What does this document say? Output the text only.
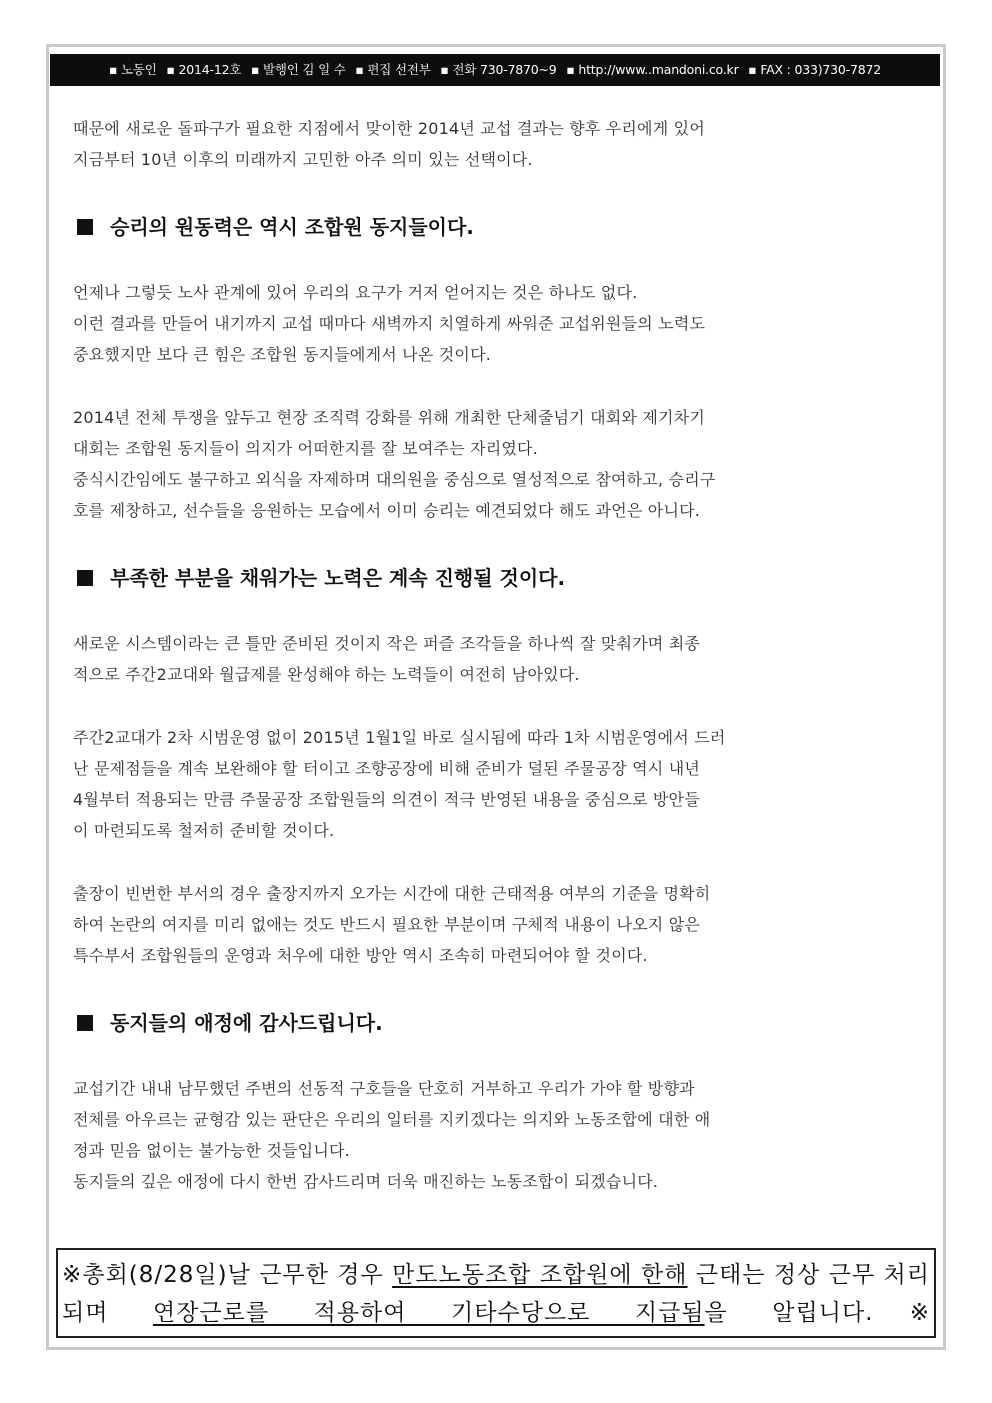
▪ 노동인 ▪ 2014-12호 ▪ 발행인 김 일 수 ▪ 편집 선전부 ▪ 전화 730-7870~9 ▪ http://www..mandoni.co.kr ▪ FAX : 033)730-7872

때문에 새로운 돌파구가 필요한 지점에서 맞이한 2014년 교섭 결과는 향후 우리에게 있어
지금부터 10년 이후의 미래까지 고민한 아주 의미 있는 선택이다.

승리의 원동력은 역시 조합원 동지들이다.

언제나 그렇듯 노사 관계에 있어 우리의 요구가 거저 얻어지는 것은 하나도 없다.
이런 결과를 만들어 내기까지 교섭 때마다 새벽까지 치열하게 싸워준 교섭위원들의 노력도
중요했지만 보다 큰 힘은 조합원 동지들에게서 나온 것이다.

2014년 전체 투쟁을 앞두고 현장 조직력 강화를 위해 개최한 단체줄넘기 대회와 제기차기
대회는 조합원 동지들이 의지가 어떠한지를 잘 보여주는 자리였다.
중식시간임에도 불구하고 외식을 자제하며 대의원을 중심으로 열성적으로 참여하고, 승리구
호를 제창하고, 선수들을 응원하는 모습에서 이미 승리는 예견되었다 해도 과언은 아니다.

부족한 부분을 채워가는 노력은 계속 진행될 것이다.

새로운 시스템이라는 큰 틀만 준비된 것이지 작은 퍼즐 조각들을 하나씩 잘 맞춰가며 최종
적으로 주간2교대와 월급제를 완성해야 하는 노력들이 여전히 남아있다.

주간2교대가 2차 시범운영 없이 2015년 1월1일 바로 실시됨에 따라 1차 시범운영에서 드러
난 문제점들을 계속 보완해야 할 터이고 조향공장에 비해 준비가 덜된 주물공장 역시 내년
4월부터 적용되는 만큼 주물공장 조합원들의 의견이 적극 반영된 내용을 중심으로 방안들
이 마련되도록 철저히 준비할 것이다.

출장이 빈번한 부서의 경우 출장지까지 오가는 시간에 대한 근태적용 여부의 기준을 명확히
하여 논란의 여지를 미리 없애는 것도 반드시 필요한 부분이며 구체적 내용이 나오지 않은
특수부서 조합원들의 운영과 처우에 대한 방안 역시 조속히 마련되어야 할 것이다.

동지들의 애정에 감사드립니다.

교섭기간 내내 남무했던 주변의 선동적 구호들을 단호히 거부하고 우리가 가야 할 방향과
전체를 아우르는 균형감 있는 판단은 우리의 일터를 지키겠다는 의지와 노동조합에 대한 애
정과 믿음 없이는 불가능한 것들입니다.
동지들의 깊은 애정에 다시 한번 감사드리며 더욱 매진하는 노동조합이 되겠습니다.

※총회(8/28일)날 근무한 경우 만도노동조합 조합원에 한해 근태는 정상 근무 처리 되며 연장근로를 적용하여 기타수당으로 지급됨을 알립니다.※
